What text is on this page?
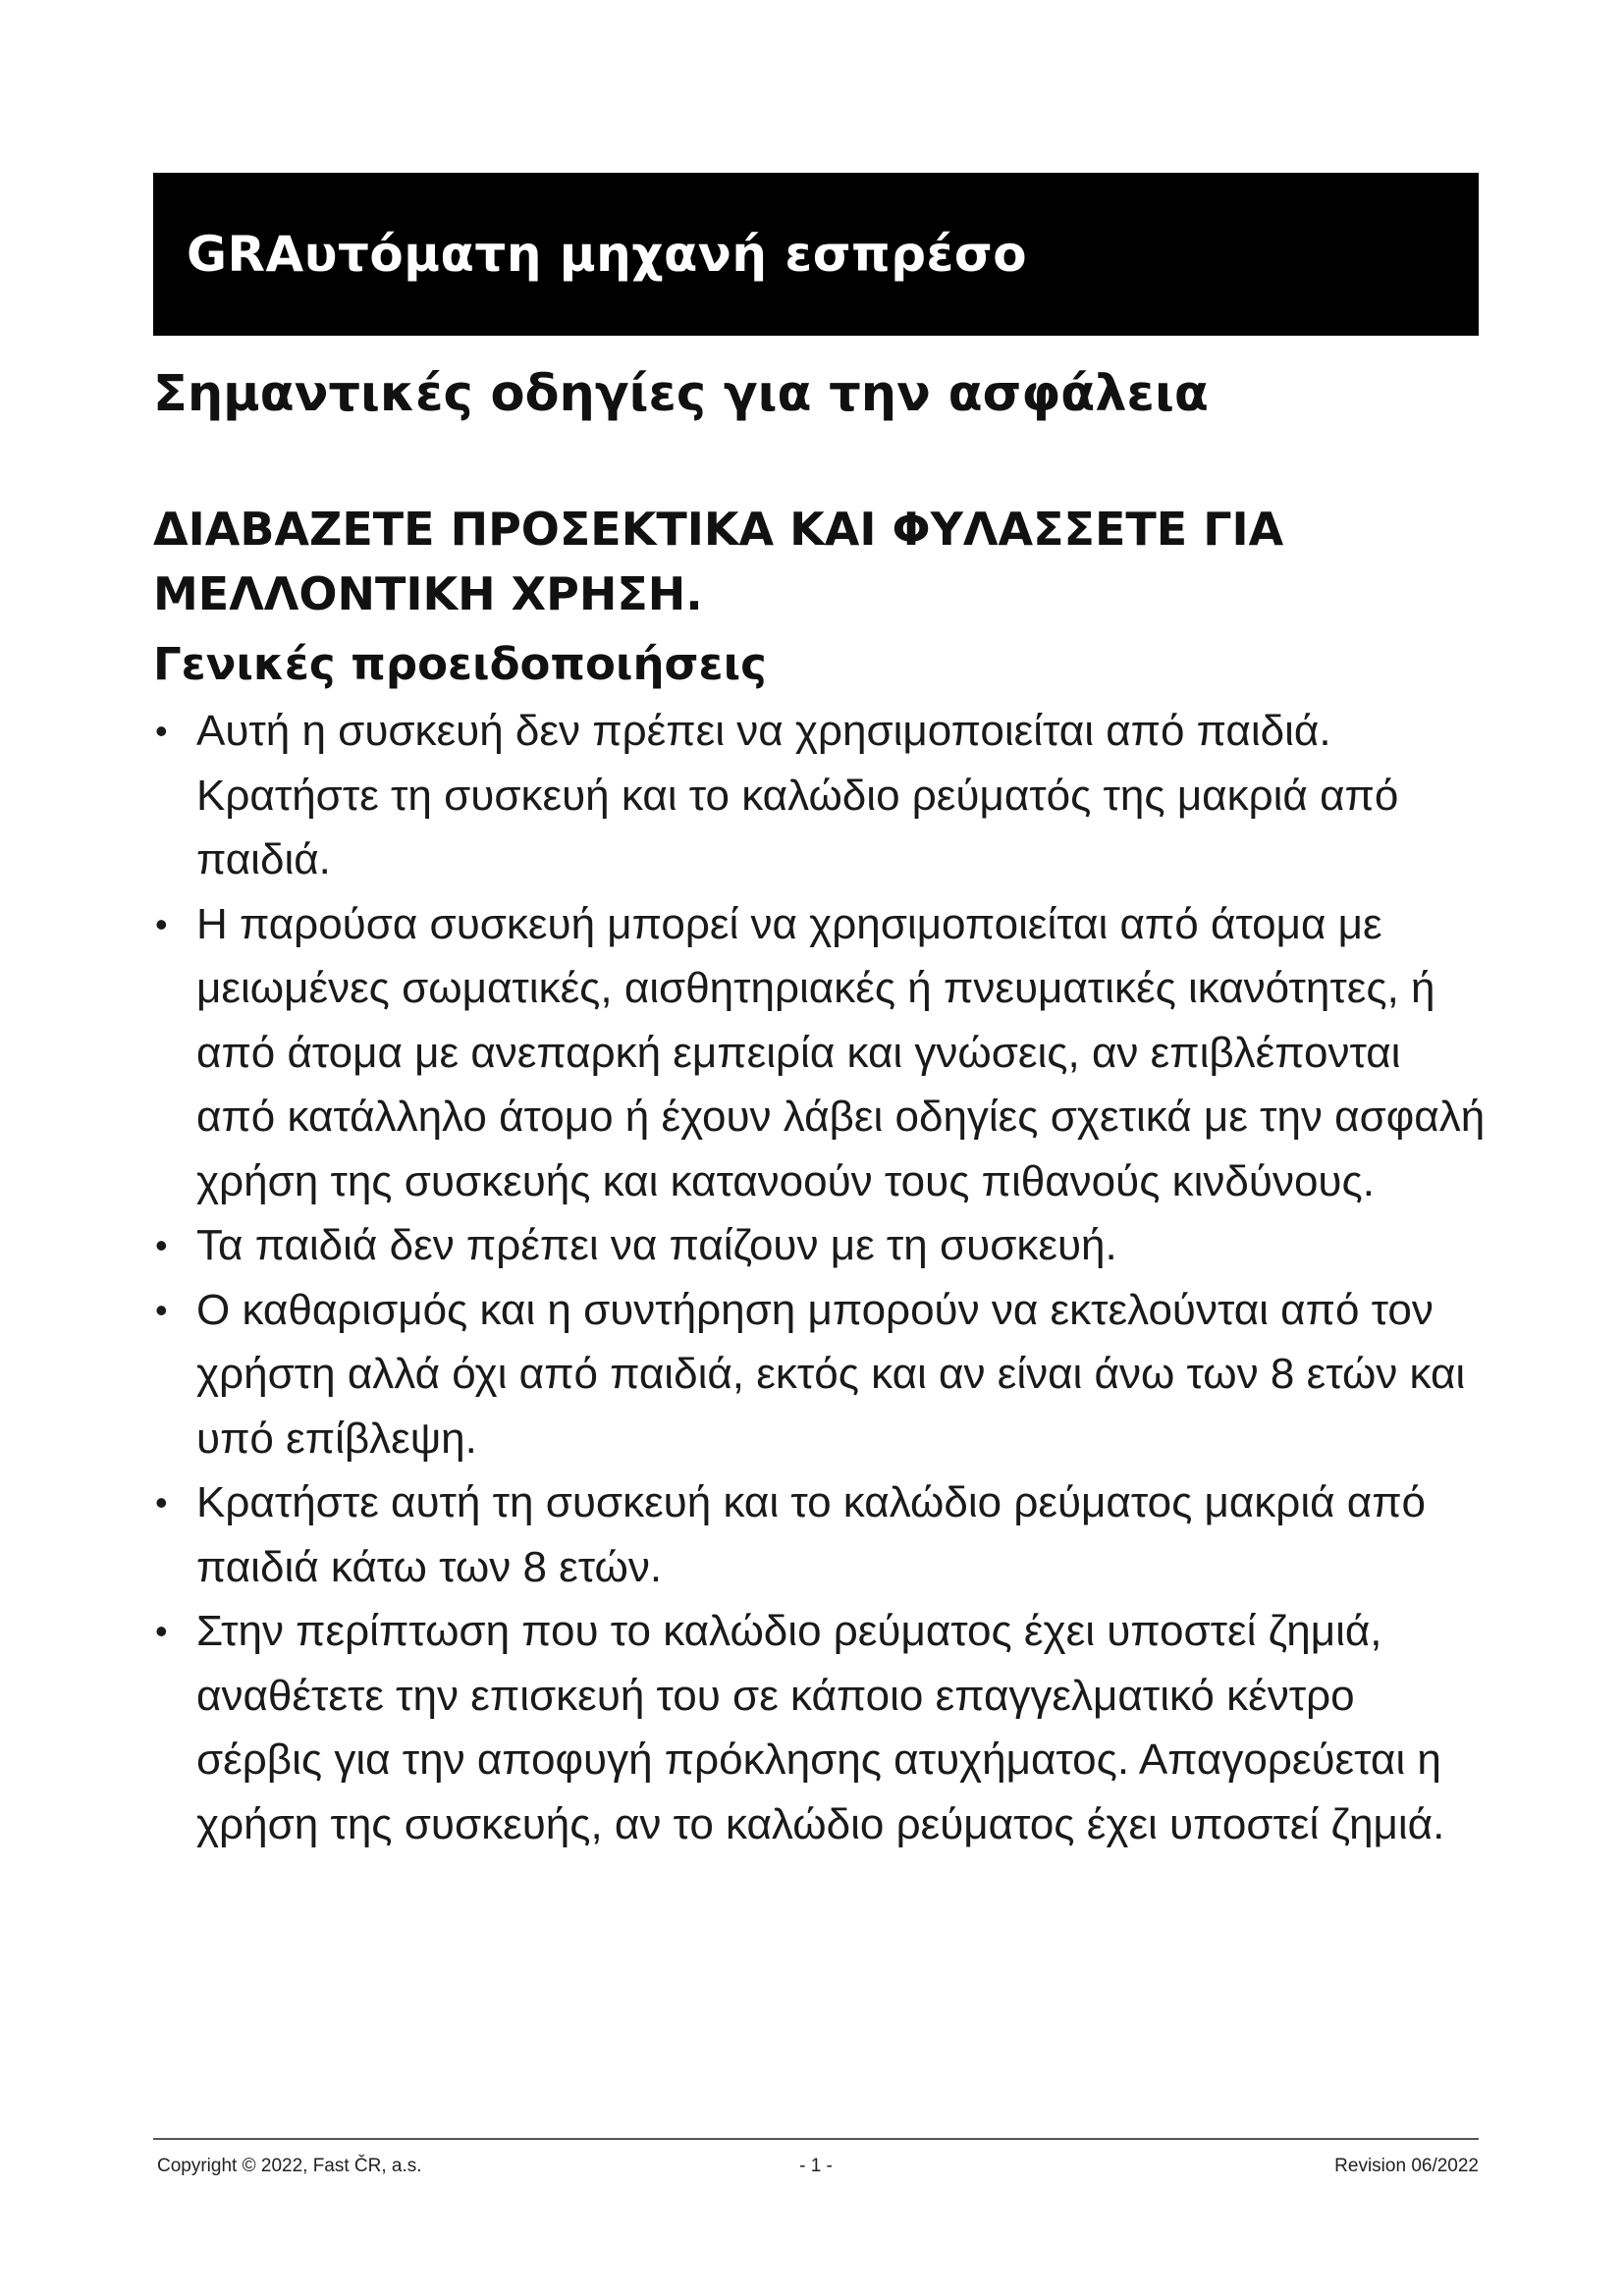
GRAυτόματη μηχανή εσπρέσο
Σημαντικές οδηγίες για την ασφάλεια
ΔΙΑΒΑΖΕΤΕ ΠΡΟΣΕΚΤΙΚΑ ΚΑΙ ΦΥΛΑΣΣΕΤΕ ΓΙΑ ΜΕΛΛΟΝΤΙΚΗ ΧΡΗΣΗ.
Γενικές προειδοποιήσεις
• Αυτή η συσκευή δεν πρέπει να χρησιμοποιείται από παιδιά. Κρατήστε τη συσκευή και το καλώδιο ρεύματός της μακριά από παιδιά.
• Η παρούσα συσκευή μπορεί να χρησιμοποιείται από άτομα με μειωμένες σωματικές, αισθητηριακές ή πνευματικές ικανότητες, ή από άτομα με ανεπαρκή εμπειρία και γνώσεις, αν επιβλέπονται από κατάλληλο άτομο ή έχουν λάβει οδηγίες σχετικά με την ασφαλή χρήση της συσκευής και κατανοούν τους πιθανούς κινδύνους.
• Τα παιδιά δεν πρέπει να παίζουν με τη συσκευή.
• Ο καθαρισμός και η συντήρηση μπορούν να εκτελούνται από τον χρήστη αλλά όχι από παιδιά, εκτός και αν είναι άνω των 8 ετών και υπό επίβλεψη.
• Κρατήστε αυτή τη συσκευή και το καλώδιο ρεύματος μακριά από παιδιά κάτω των 8 ετών.
• Στην περίπτωση που το καλώδιο ρεύματος έχει υποστεί ζημιά, αναθέτετε την επισκευή του σε κάποιο επαγγελματικό κέντρο σέρβις για την αποφυγή πρόκλησης ατυχήματος. Απαγορεύεται η χρήση της συσκευής, αν το καλώδιο ρεύματος έχει υποστεί ζημιά.
Copyright © 2022, Fast ČR, a.s.	- 1 -	Revision 06/2022
